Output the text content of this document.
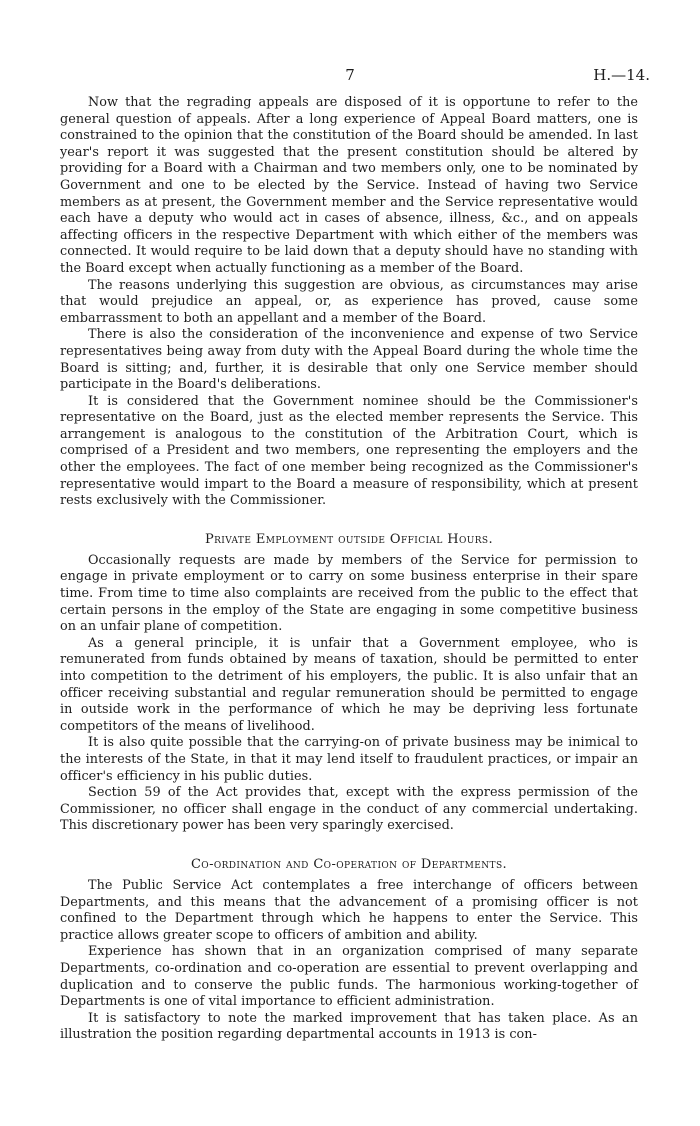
7	H.—14.

Now that the regrading appeals are disposed of it is opportune to refer to the general question of appeals. After a long experience of Appeal Board matters, one is constrained to the opinion that the constitution of the Board should be amended. In last year's report it was suggested that the present constitution should be altered by providing for a Board with a Chairman and two members only, one to be nominated by Government and one to be elected by the Service. Instead of having two Service members as at present, the Government member and the Service representative would each have a deputy who would act in cases of absence, illness, &c., and on appeals affecting officers in the respective Department with which either of the members was connected. It would require to be laid down that a deputy should have no standing with the Board except when actually functioning as a member of the Board.

The reasons underlying this suggestion are obvious, as circumstances may arise that would prejudice an appeal, or, as experience has proved, cause some embarrassment to both an appellant and a member of the Board.

There is also the consideration of the inconvenience and expense of two Service representatives being away from duty with the Appeal Board during the whole time the Board is sitting; and, further, it is desirable that only one Service member should participate in the Board's deliberations.

It is considered that the Government nominee should be the Commissioner's representative on the Board, just as the elected member represents the Service. This arrangement is analogous to the constitution of the Arbitration Court, which is comprised of a President and two members, one representing the employers and the other the employees. The fact of one member being recognized as the Commissioner's representative would impart to the Board a measure of responsibility, which at present rests exclusively with the Commissioner.

Private Employment outside Official Hours.

Occasionally requests are made by members of the Service for permission to engage in private employment or to carry on some business enterprise in their spare time. From time to time also complaints are received from the public to the effect that certain persons in the employ of the State are engaging in some competitive business on an unfair plane of competition.

As a general principle, it is unfair that a Government employee, who is remunerated from funds obtained by means of taxation, should be permitted to enter into competition to the detriment of his employers, the public. It is also unfair that an officer receiving substantial and regular remuneration should be permitted to engage in outside work in the performance of which he may be depriving less fortunate competitors of the means of livelihood.

It is also quite possible that the carrying-on of private business may be inimical to the interests of the State, in that it may lend itself to fraudulent practices, or impair an officer's efficiency in his public duties.

Section 59 of the Act provides that, except with the express permission of the Commissioner, no officer shall engage in the conduct of any commercial undertaking. This discretionary power has been very sparingly exercised.

Co-ordination and Co-operation of Departments.

The Public Service Act contemplates a free interchange of officers between Departments, and this means that the advancement of a promising officer is not confined to the Department through which he happens to enter the Service. This practice allows greater scope to officers of ambition and ability.

Experience has shown that in an organization comprised of many separate Departments, co-ordination and co-operation are essential to prevent overlapping and duplication and to conserve the public funds. The harmonious working-together of Departments is one of vital importance to efficient administration.

It is satisfactory to note the marked improvement that has taken place. As an illustration the position regarding departmental accounts in 1913 is con-
